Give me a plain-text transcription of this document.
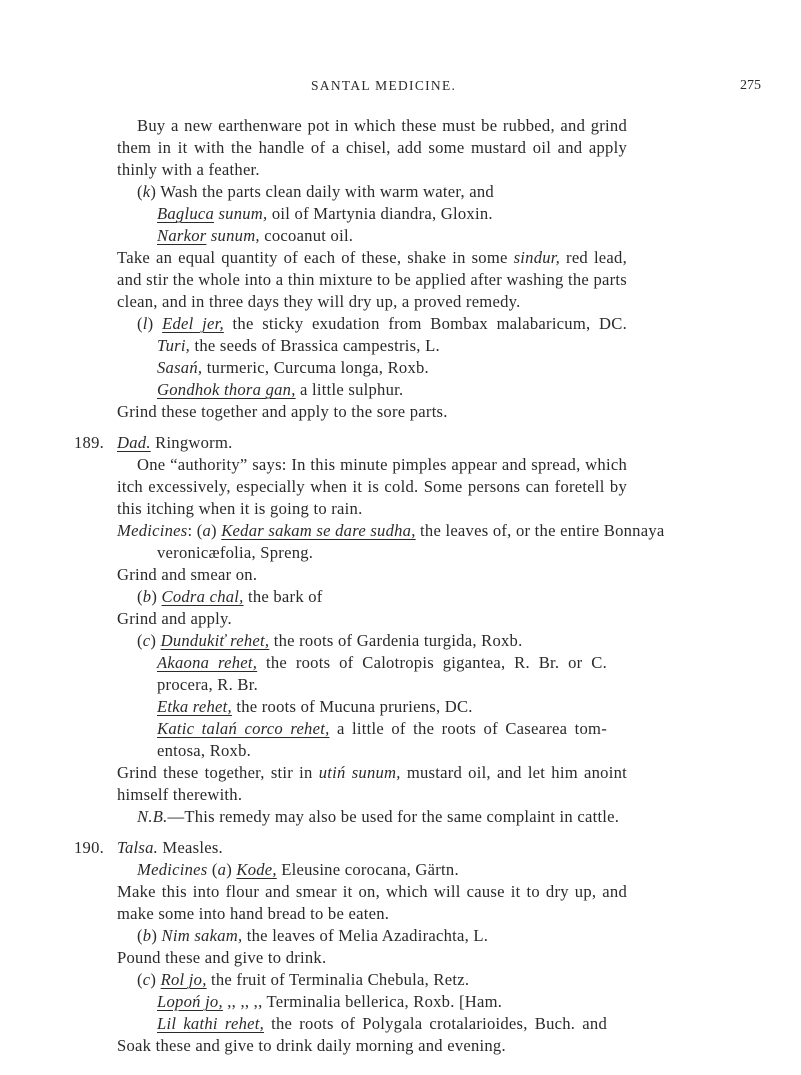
SANTAL MEDICINE.	275
Buy a new earthenware pot in which these must be rubbed, and grind
them in it with the handle of a chisel, add some mustard oil and apply
thinly with a feather.
(k) Wash the parts clean daily with warm water, and
Bagluca sunum, oil of Martynia diandra, Gloxin.
Narkor sunum, cocoanut oil.
Take an equal quantity of each of these, shake in some sindur, red lead,
and stir the whole into a thin mixture to be applied after washing the parts
clean, and in three days they will dry up, a proved remedy.
(l) Edel jer, the sticky exudation from Bombax malabaricum, DC.
Turi, the seeds of Brassica campestris, L.
Sasań, turmeric, Curcuma longa, Roxb.
Gondhok thora gan, a little sulphur.
Grind these together and apply to the sore parts.
Dad. Ringworm.
One “authority” says: In this minute pimples appear and spread, which
itch excessively, especially when it is cold. Some persons can foretell by
this itching when it is going to rain.
Medicines: (a) Kedar sakam se dare sudha, the leaves of, or the entire Bonnaya
veronicæfolia, Spreng.
Grind and smear on.
(b) Codra chal, the bark of
Grind and apply.
(c) Dundukiť rehet, the roots of Gardenia turgida, Roxb.
Akaona rehet, the roots of Calotropis gigantea, R. Br. or C.
procera, R. Br.
Etka rehet, the roots of Mucuna pruriens, DC.
Katic talań corco rehet, a little of the roots of Casearea tom-
entosa, Roxb.
Grind these together, stir in utiń sunum, mustard oil, and let him anoint
himself therewith.
N.B.—This remedy may also be used for the same complaint in cattle.
Talsa. Measles.
Medicines (a) Kode, Eleusine corocana, Gärtn.
Make this into flour and smear it on, which will cause it to dry up, and
make some into hand bread to be eaten.
(b) Nim sakam, the leaves of Melia Azadirachta, L.
Pound these and give to drink.
(c) Rol jo, the fruit of Terminalia Chebula, Retz.
Lopoń jo, ,, ,, ,, Terminalia bellerica, Roxb. [Ham.
Lil kathi rehet, the roots of Polygala crotalarioides, Buch. and
Soak these and give to drink daily morning and evening.
189.
190.
